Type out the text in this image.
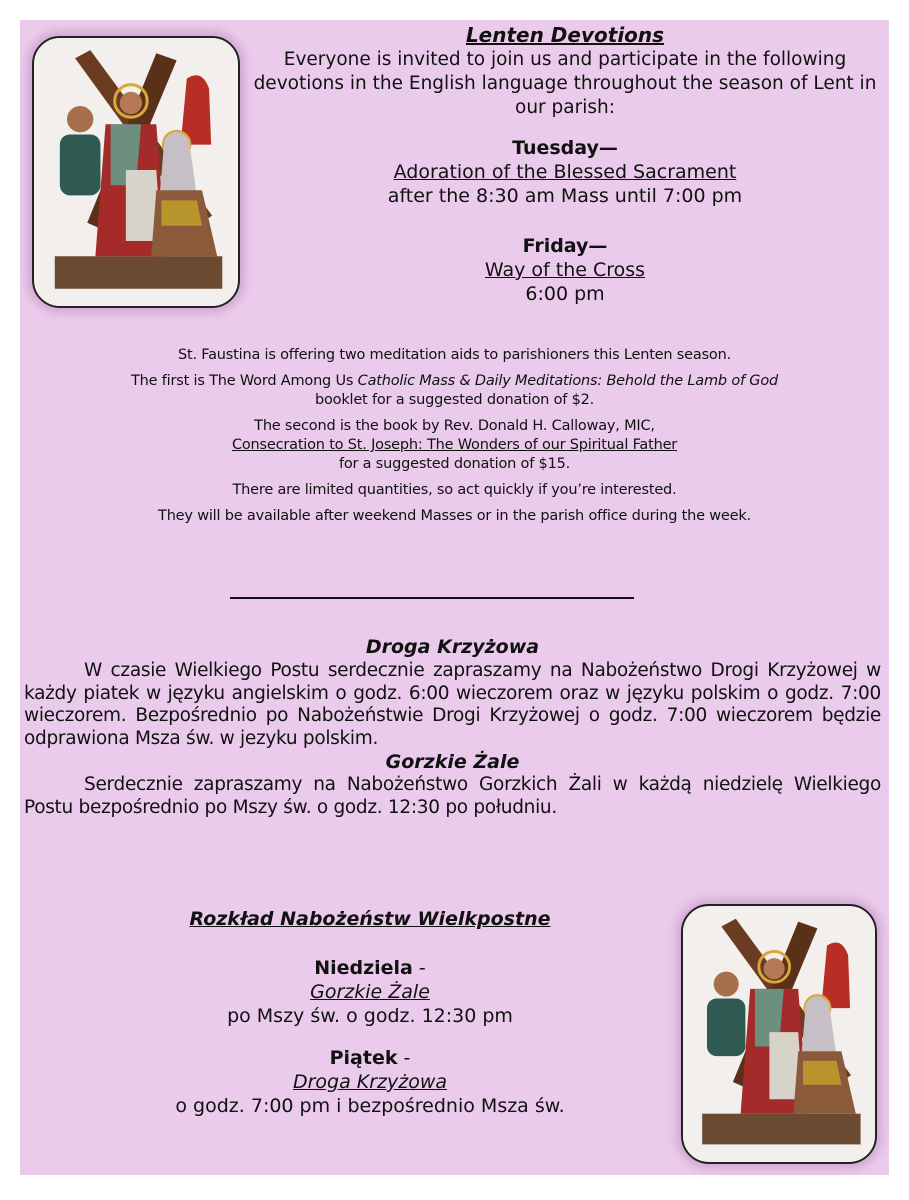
Lenten Devotions
Everyone is invited to join us and participate in the following devotions in the English language throughout the season of Lent in our parish:
Tuesday—
Adoration of the Blessed Sacrament
after the 8:30 am Mass until 7:00 pm
Friday—
Way of the Cross
6:00 pm
St. Faustina is offering two meditation aids to parishioners this Lenten season.
The first is The Word Among Us Catholic Mass & Daily Meditations: Behold the Lamb of God
booklet for a suggested donation of $2.
The second is the book by Rev. Donald H. Calloway, MIC,
Consecration to St. Joseph: The Wonders of our Spiritual Father
for a suggested donation of $15.
There are limited quantities, so act quickly if you’re interested.
They will be available after weekend Masses or in the parish office during the week.
Droga Krzyżowa
W czasie Wielkiego Postu serdecznie zapraszamy na Nabożeństwo Drogi Krzyżowej w każdy piatek w języku angielskim o godz. 6:00 wieczorem oraz w języku polskim o godz. 7:00 wieczorem. Bezpośrednio po Nabożeństwie Drogi Krzyżowej o godz. 7:00 wieczorem będzie odprawiona Msza św. w jezyku polskim.
Gorzkie Żale
Serdecznie zapraszamy na Nabożeństwo Gorzkich Żali w każdą niedzielę Wielkiego Postu bezpośrednio po Mszy św. o godz. 12:30 po południu.
Rozkład Nabożeństw Wielkpostne
Niedziela -
Gorzkie Żale
po Mszy św. o godz. 12:30 pm
Piątek -
Droga Krzyżowa
o godz. 7:00 pm i bezpośrednio Msza św.
